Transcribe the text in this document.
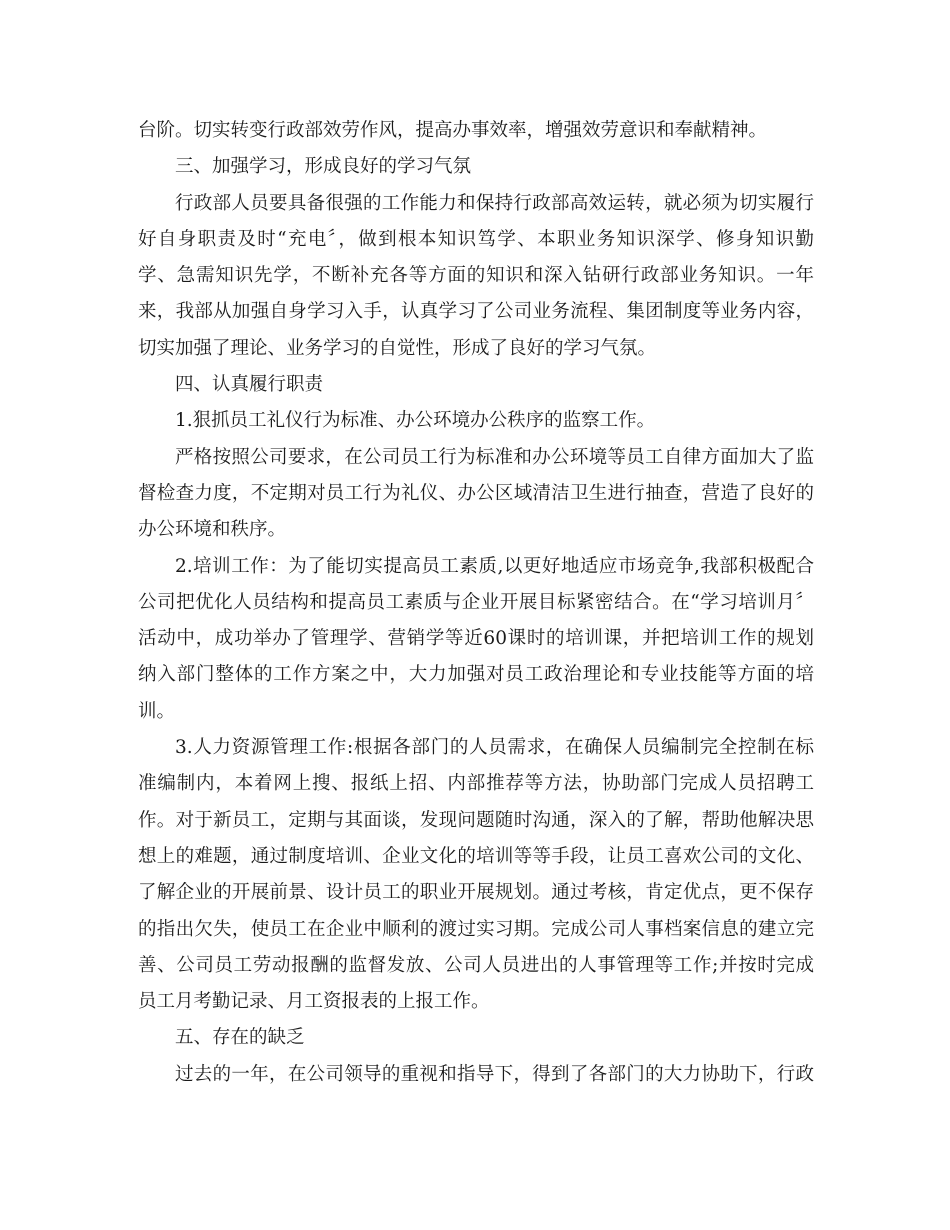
台阶。切实转变行政部效劳作风，提高办事效率，增强效劳意识和奉献精神。
三、加强学习，形成良好的学习气氛
行政部人员要具备很强的工作能力和保持行政部高效运转，就必须为切实履行
好自身职责及时“充电〞，做到根本知识笃学、本职业务知识深学、修身知识勤
学、急需知识先学，不断补充各等方面的知识和深入钻研行政部业务知识。一年
来，我部从加强自身学习入手，认真学习了公司业务流程、集团制度等业务内容，
切实加强了理论、业务学习的自觉性，形成了良好的学习气氛。
四、认真履行职责
1.狠抓员工礼仪行为标准、办公环境办公秩序的监察工作。
严格按照公司要求，在公司员工行为标准和办公环境等员工自律方面加大了监
督检查力度，不定期对员工行为礼仪、办公区域清洁卫生进行抽查，营造了良好的
办公环境和秩序。
2.培训工作：为了能切实提高员工素质,以更好地适应市场竞争,我部积极配合
公司把优化人员结构和提高员工素质与企业开展目标紧密结合。在“学习培训月〞
活动中，成功举办了管理学、营销学等近60课时的培训课，并把培训工作的规划
纳入部门整体的工作方案之中，大力加强对员工政治理论和专业技能等方面的培
训。
3.人力资源管理工作:根据各部门的人员需求，在确保人员编制完全控制在标
准编制内，本着网上搜、报纸上招、内部推荐等方法，协助部门完成人员招聘工
作。对于新员工，定期与其面谈，发现问题随时沟通，深入的了解，帮助他解决思
想上的难题，通过制度培训、企业文化的培训等等手段，让员工喜欢公司的文化、
了解企业的开展前景、设计员工的职业开展规划。通过考核，肯定优点，更不保存
的指出欠失，使员工在企业中顺利的渡过实习期。完成公司人事档案信息的建立完
善、公司员工劳动报酬的监督发放、公司人员进出的人事管理等工作;并按时完成
员工月考勤记录、月工资报表的上报工作。
五、存在的缺乏
过去的一年，在公司领导的重视和指导下，得到了各部门的大力协助下，行政
